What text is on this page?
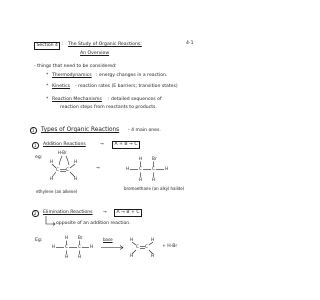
Section 4 : The Study of Organic Reactions:
An Overview
4-1
- things that need to be considered:
* Thermodynamics : energy changes in a reaction.
* Kinetics - reaction rates (E barriers; transition states)
* Reaction Mechanisms : detailed sequences of
reaction steps from reactants to products.
1 Types of Organic Reactions - 4 main ones.
1 Addition Reactions	→	A + B → C
eg:
H-Br
H	H
C C
H	H
ethylene (an alkene)
→
H Br
H C C H
H H
bromoethane (an alkyl halide)
2 Elimination Reactions →	A → B + C
opposite of an addition reaction.
Eg:
H Br
H C C H
H H
base	H	H
C C
H	H
+ H-Br
